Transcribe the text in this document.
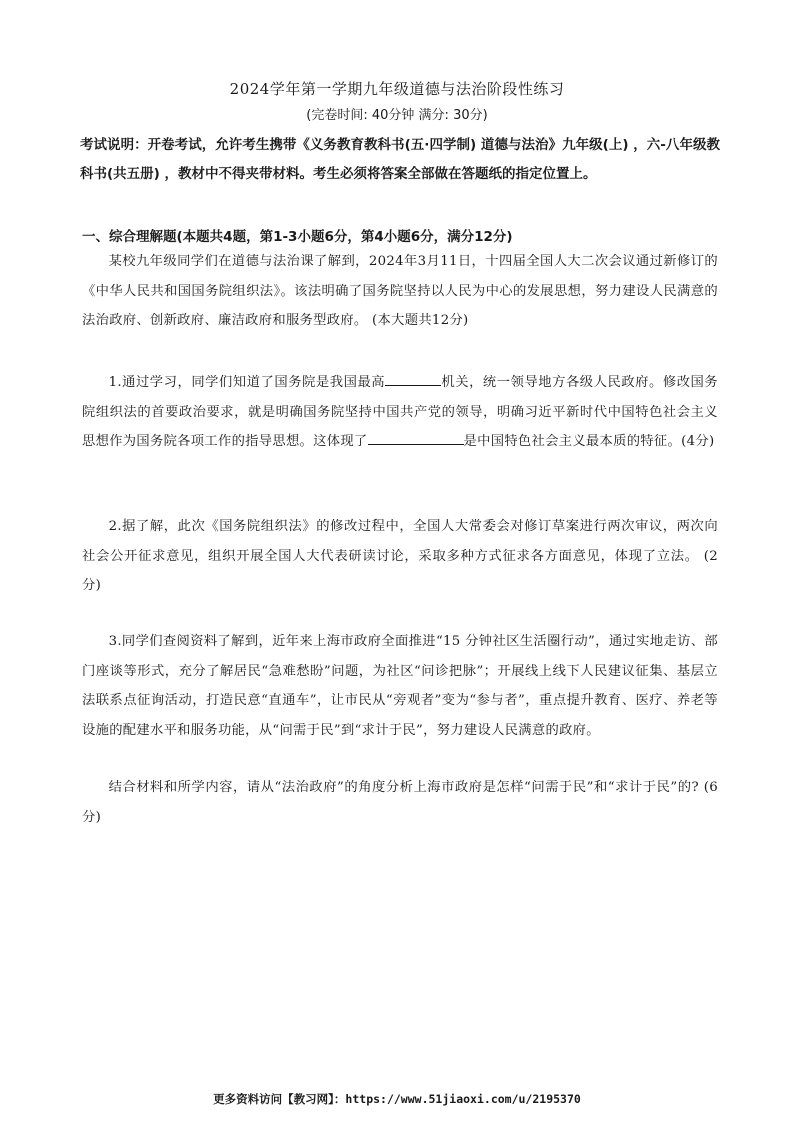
2024学年第一学期九年级道德与法治阶段性练习
(完卷时间: 40分钟 满分: 30分)
考试说明：开卷考试，允许考生携带《义务教育教科书(五·四学制) 道德与法治》九年级(上) ，六-八年级教科书(共五册) ，教材中不得夹带材料。考生必须将答案全部做在答题纸的指定位置上。
一、综合理解题(本题共4题，第1-3小题6分，第4小题6分，满分12分)
某校九年级同学们在道德与法治课了解到，2024年3月11日，十四届全国人大二次会议通过新修订的《中华人民共和国国务院组织法》。该法明确了国务院坚持以人民为中心的发展思想，努力建设人民满意的法治政府、创新政府、廉洁政府和服务型政府。 (本大题共12分)
1.通过学习，同学们知道了国务院是我国最高	机关，统一领导地方各级人民政府。修改国务院组织法的首要政治要求，就是明确国务院坚持中国共产党的领导，明确习近平新时代中国特色社会主义思想作为国务院各项工作的指导思想。这体现了	是中国特色社会主义最本质的特征。(4分)
2.据了解，此次《国务院组织法》的修改过程中，全国人大常委会对修订草案进行两次审议，两次向社会公开征求意见，组织开展全国人大代表研读讨论，采取多种方式征求各方面意见，体现了立法。 (2分)
3.同学们查阅资料了解到，近年来上海市政府全面推进“15 分钟社区生活圈行动”，通过实地走访、部门座谈等形式，充分了解居民“急难愁盼”问题，为社区“问诊把脉”；开展线上线下人民建议征集、基层立法联系点征询活动，打造民意“直通车”，让市民从“旁观者”变为“参与者”，重点提升教育、医疗、养老等设施的配建水平和服务功能，从“问需于民”到“求计于民”，努力建设人民满意的政府。
结合材料和所学内容，请从“法治政府”的角度分析上海市政府是怎样“问需于民”和“求计于民”的? (6分)
更多资料访问【教习网】：https://www.51jiaoxi.com/u/2195370
